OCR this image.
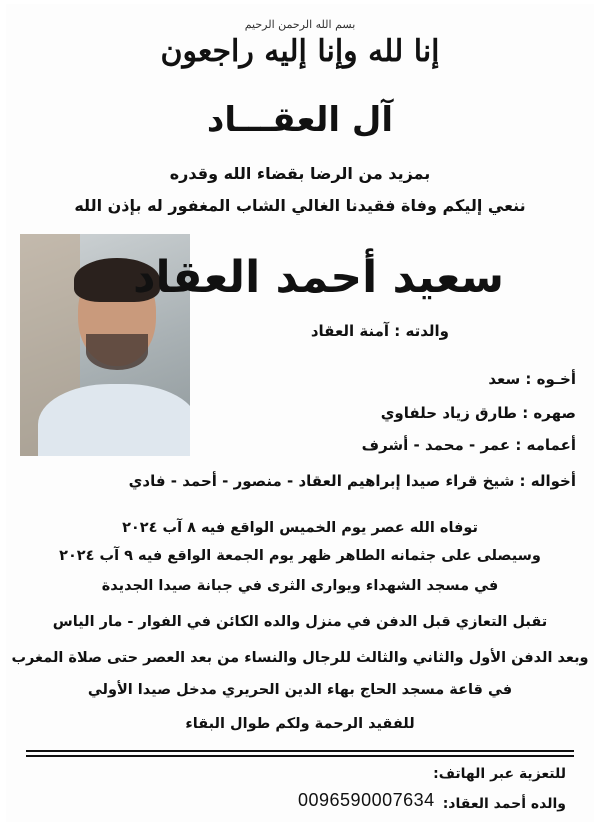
بسم الله الرحمن الرحيم
إنا لله وإنا إليه راجعون
آل العقـــاد
بمزيد من الرضا بقضاء الله وقدره
ننعي إليكم وفاة فقيدنا الغالي الشاب المغفور له بإذن الله
سعيد أحمد العقاد
والدته : آمنة العقاد
أخـوه : سعد
صهره : طارق زياد حلفاوي
أعمامه : عمر - محمد - أشرف
أخواله : شيخ قراء صيدا إبراهيم العقاد - منصور - أحمد - فادي
توفاه الله عصر يوم الخميس الواقع فيه ٨ آب ٢٠٢٤
وسيصلى على جثمانه الطاهر ظهر يوم الجمعة الواقع فيه ٩ آب ٢٠٢٤
في مسجد الشهداء ويوارى الثرى في جبانة صيدا الجديدة
تقبل التعازي قبل الدفن في منزل والده الكائن في الفوار - مار الياس
وبعد الدفن الأول والثاني والثالث للرجال والنساء من بعد العصر حتى صلاة المغرب
في قاعة مسجد الحاج بهاء الدين الحريري مدخل صيدا الأولي
للفقيد الرحمة ولكم طوال البقاء
للتعزية عبر الهاتف:
والده أحمد العقاد:
0096590007634
